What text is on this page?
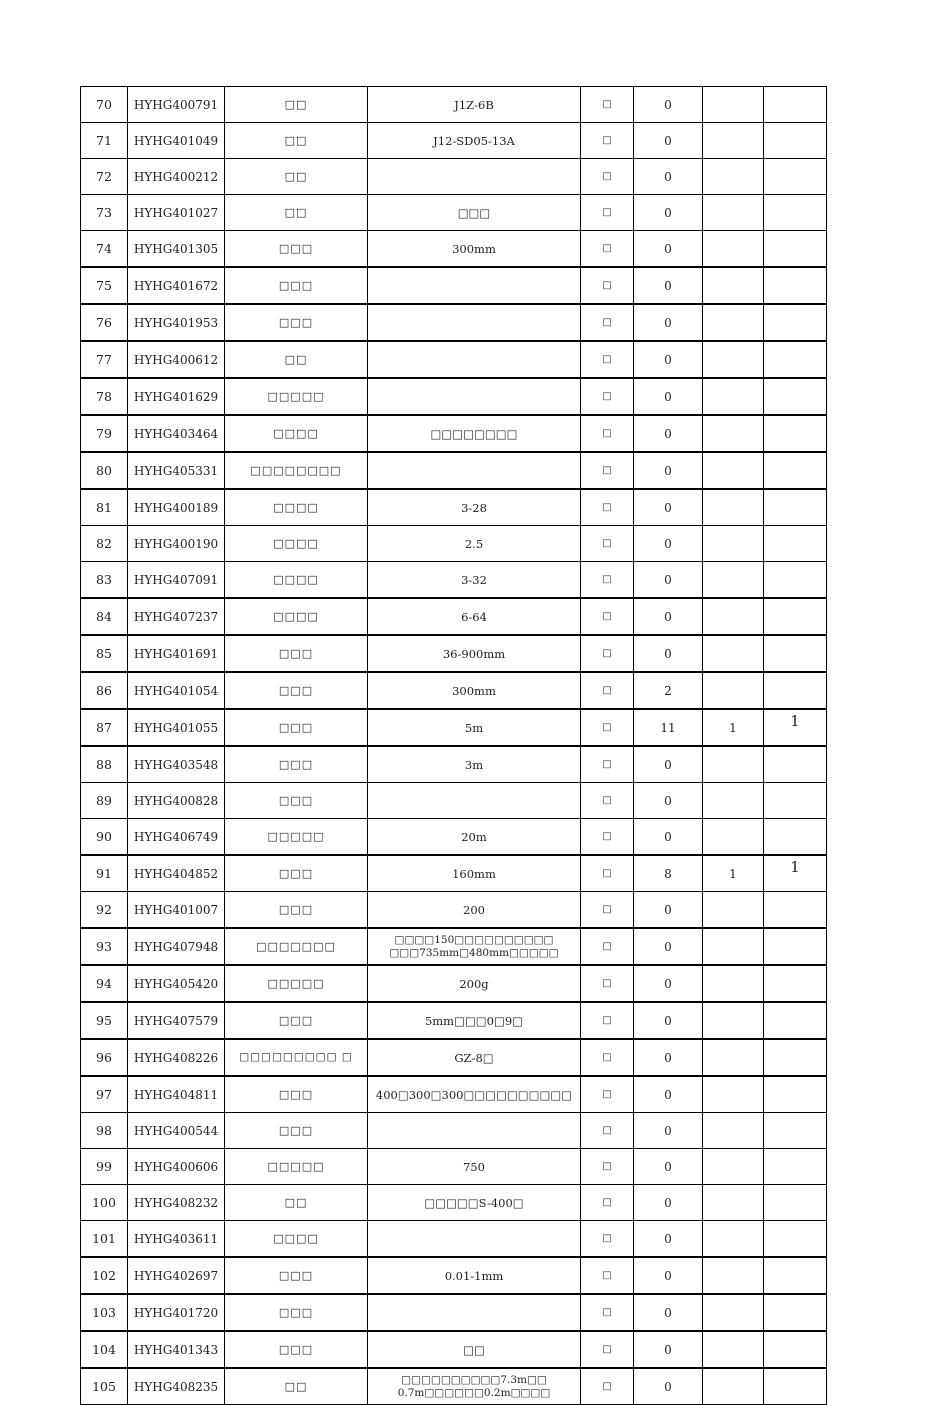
70	HYHG400791	□□	J1Z-6B	□	0		
71	HYHG401049	□□	J12-SD05-13A	□	0		
72	HYHG400212	□□		□	0		
73	HYHG401027	□□	□□□	□	0		
74	HYHG401305	□□□	300mm	□	0		
75	HYHG401672	□□□		□	0		
76	HYHG401953	□□□		□	0		
77	HYHG400612	□□		□	0		
78	HYHG401629	□□□□□		□	0		
79	HYHG403464	□□□□	□□□□□□□□	□	0		
80	HYHG405331	□□□□□□□□		□	0		
81	HYHG400189	□□□□	3-28	□	0		
82	HYHG400190	□□□□	2.5	□	0		
83	HYHG407091	□□□□	3-32	□	0		
84	HYHG407237	□□□□	6-64	□	0		
85	HYHG401691	□□□	36-900mm	□	0		
86	HYHG401054	□□□	300mm	□	2		
87	HYHG401055	□□□	5m	□	11	1	1
88	HYHG403548	□□□	3m	□	0		
89	HYHG400828	□□□		□	0		
90	HYHG406749	□□□□□	20m	□	0		
91	HYHG404852	□□□	160mm	□	8	1	1
92	HYHG401007	□□□	200	□	0		
93	HYHG407948	□□□□□□□	□□□□150□□□□□□□□□□ □□□735mm□480mm□□□□□	□	0		
94	HYHG405420	□□□□□	200g	□	0		
95	HYHG407579	□□□	5mm□□□0□9□	□	0		
96	HYHG408226	□□□□□□□□□ □	GZ-8□	□	0		
97	HYHG404811	□□□	400□300□300□□□□□□□□□□	□	0		
98	HYHG400544	□□□		□	0		
99	HYHG400606	□□□□□	750	□	0		
100	HYHG408232	□□	□□□□□S-400□	□	0		
101	HYHG403611	□□□□		□	0		
102	HYHG402697	□□□	0.01-1mm	□	0		
103	HYHG401720	□□□		□	0		
104	HYHG401343	□□□	□□	□	0		
105	HYHG408235	□□	□□□□□□□□□□7.3m□□ 0.7m□□□□□□0.2m□□□□	□	0		
